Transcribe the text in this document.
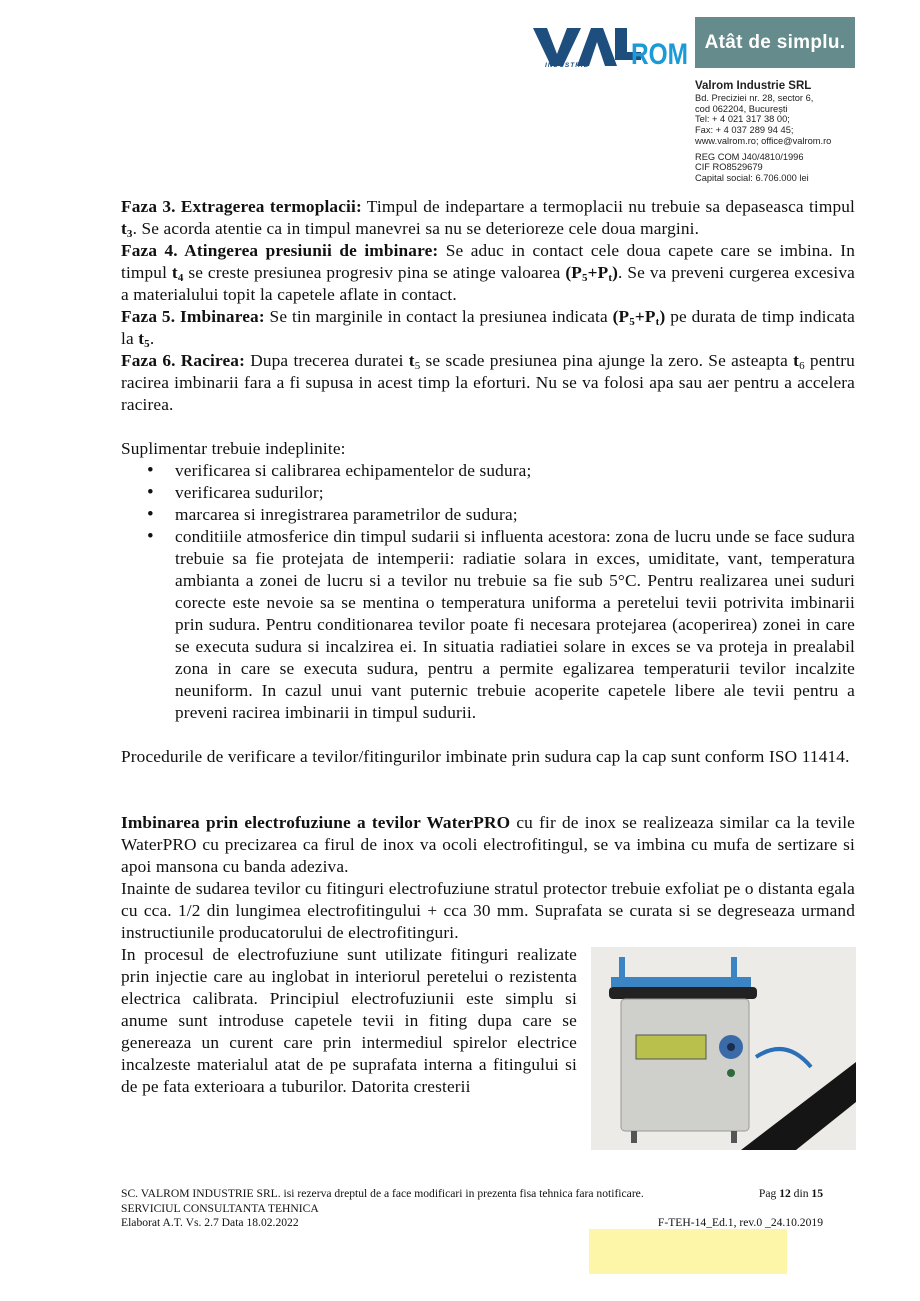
INDUSTRIE ROM Atât de simplu.
Valrom Industrie SRL
Bd. Preciziei nr. 28, sector 6,
cod 062204, București
Tel: + 4 021 317 38 00;
Fax: + 4 037 289 94 45;
www.valrom.ro; office@valrom.ro
REG COM J40/4810/1996
CIF RO8529679
Capital social: 6.706.000 lei

Faza 3. Extragerea termoplacii: Timpul de indepartare a termoplacii nu trebuie sa depaseasca timpul $t_3$. Se acorda atentie ca in timpul manevrei sa nu se deterioreze cele doua margini.

Faza 4. Atingerea presiunii de imbinare: Se aduc in contact cele doua capete care se imbina. In timpul $t_4$ se creste presiunea progresiv pina se atinge valoarea $(P_5+P_t)$. Se va preveni curgerea excesiva a materialului topit la capetele aflate in contact.

Faza 5. Imbinarea: Se tin marginile in contact la presiunea indicata $(P_5+P_t)$ pe durata de timp indicata la $t_5$.

Faza 6. Racirea: Dupa trecerea duratei $t_5$ se scade presiunea pina ajunge la zero. Se asteapta $t_6$ pentru racirea imbinarii fara a fi supusa in acest timp la eforturi. Nu se va folosi apa sau aer pentru a accelera racirea.

Suplimentar trebuie indeplinite:

• verificarea si calibrarea echipamentelor de sudura;
• verificarea sudurilor;
• marcarea si inregistrarea parametrilor de sudura;
• conditiile atmosferice din timpul sudarii si influenta acestora: zona de lucru unde se face sudura trebuie sa fie protejata de intemperii: radiatie solara in exces, umiditate, vant, temperatura ambianta a zonei de lucru si a tevilor nu trebuie sa fie sub 5°C. Pentru realizarea unei suduri corecte este nevoie sa se mentina o temperatura uniforma a peretelui tevii potrivita imbinarii prin sudura. Pentru conditionarea tevilor poate fi necesara protejarea (acoperirea) zonei in care se executa sudura si incalzirea ei. In situatia radiatiei solare in exces se va proteja in prealabil zona in care se executa sudura, pentru a permite egalizarea temperaturii tevilor incalzite neuniform. In cazul unui vant puternic trebuie acoperite capetele libere ale tevii pentru a preveni racirea imbinarii in timpul sudurii.

Procedurile de verificare a tevilor/fitingurilor imbinate prin sudura cap la cap sunt conform ISO 11414.

Imbinarea prin electrofuziune a tevilor WaterPRO cu fir de inox se realizeaza similar ca la tevile WaterPRO cu precizarea ca firul de inox va ocoli electrofitingul, se va imbina cu mufa de sertizare si apoi mansona cu banda adeziva.

Inainte de sudarea tevilor cu fitinguri electrofuziune stratul protector trebuie exfoliat pe o distanta egala cu cca. 1/2 din lungimea electrofitingului + cca 30 mm. Suprafata se curata si se degreseaza urmand instructiunile producatorului de electrofitinguri.

In procesul de electrofuziune sunt utilizate fitinguri realizate prin injectie care au inglobat in interiorul peretelui o rezistenta electrica calibrata. Principiul electrofuziunii este simplu si anume sunt introduse capetele tevii in fiting dupa care se genereaza un curent care prin intermediul spirelor electrice incalzeste materialul atat de pe suprafata interna a fitingului si de pe fata exterioara a tuburilor. Datorita cresterii

SC. VALROM INDUSTRIE SRL. isi rezerva dreptul de a face modificari in prezenta fisa tehnica fara notificare.	Pag 12 din 15
SERVICIUL CONSULTANTA TEHNICA
Elaborat A.T. Vs. 2.7 Data 18.02.2022	F-TEH-14_Ed.1, rev.0 _24.10.2019
